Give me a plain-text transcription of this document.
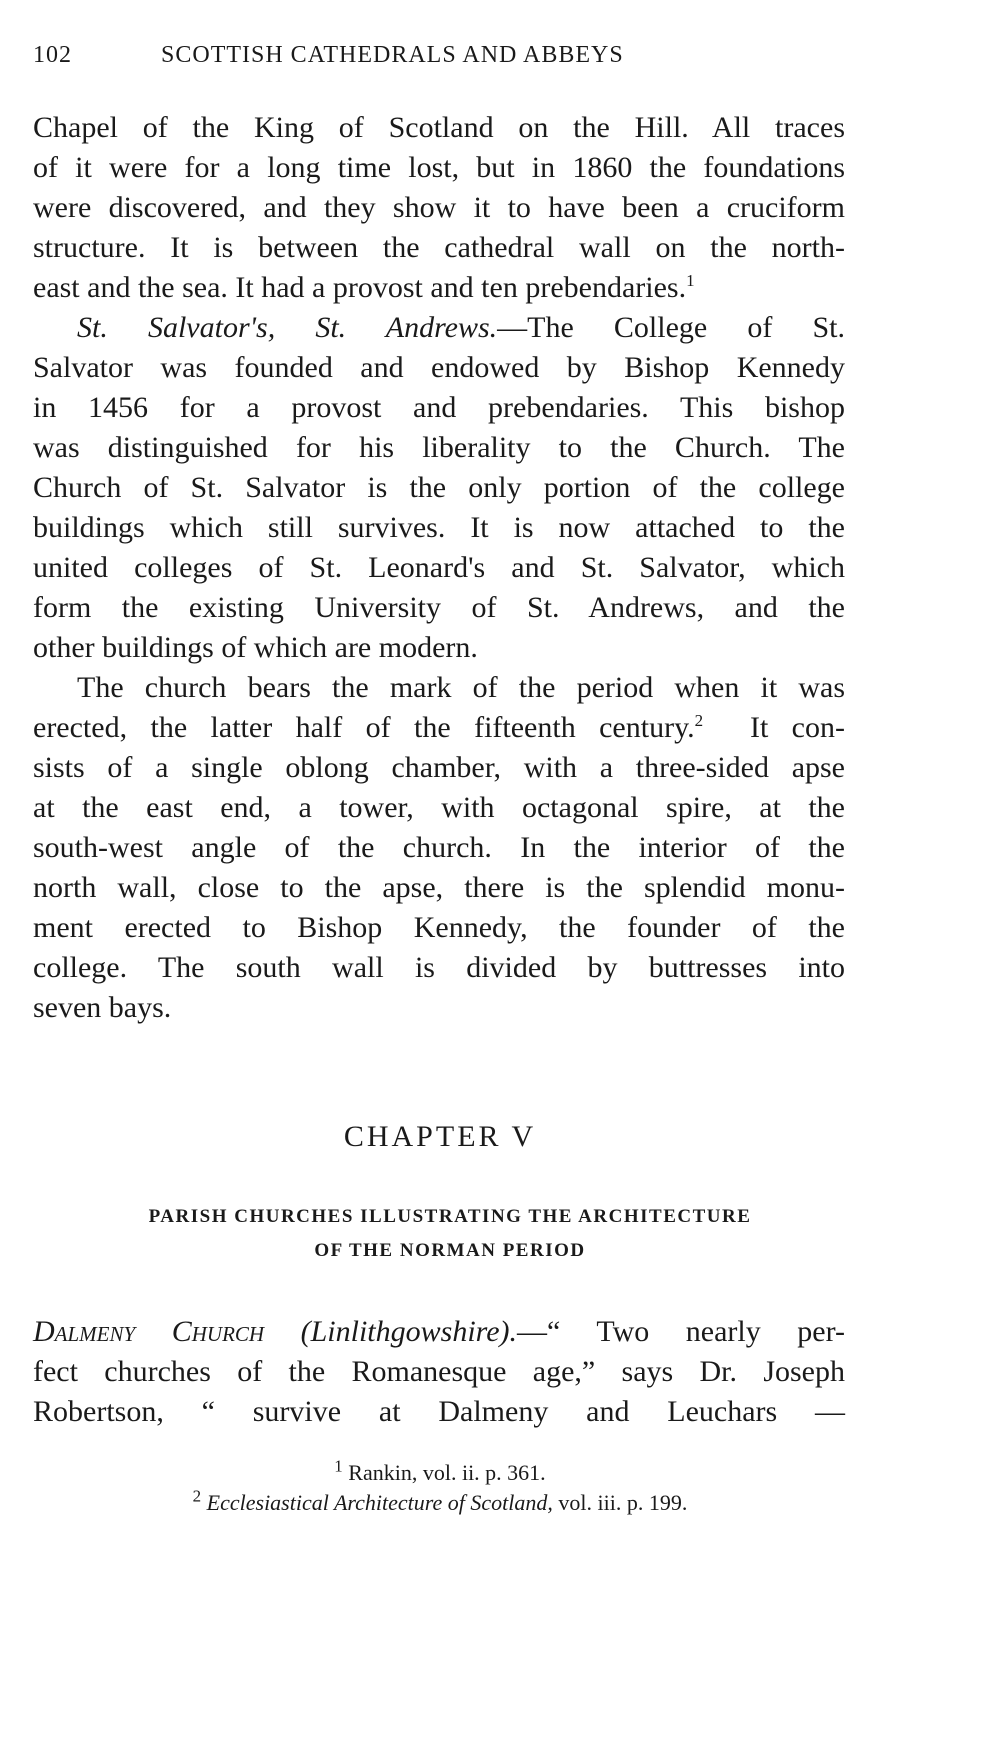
102	SCOTTISH CATHEDRALS AND ABBEYS
Chapel of the King of Scotland on the Hill. All traces
of it were for a long time lost, but in 1860 the foundations
were discovered, and they show it to have been a cruciform
structure. It is between the cathedral wall on the north-
east and the sea. It had a provost and ten prebendaries.$^1$
St. Salvator's, St. Andrews.—The College of St.
Salvator was founded and endowed by Bishop Kennedy
in 1456 for a provost and prebendaries. This bishop
was distinguished for his liberality to the Church. The
Church of St. Salvator is the only portion of the college
buildings which still survives. It is now attached to the
united colleges of St. Leonard's and St. Salvator, which
form the existing University of St. Andrews, and the
other buildings of which are modern.
The church bears the mark of the period when it was
erected, the latter half of the fifteenth century.$^2$ It con-
sists of a single oblong chamber, with a three-sided apse
at the east end, a tower, with octagonal spire, at the
south-west angle of the church. In the interior of the
north wall, close to the apse, there is the splendid monu-
ment erected to Bishop Kennedy, the founder of the
college. The south wall is divided by buttresses into
seven bays.
CHAPTER V
PARISH CHURCHES ILLUSTRATING THE ARCHITECTURE
OF THE NORMAN PERIOD
Dalmeny Church (Linlithgowshire).—“ Two nearly per-
fect churches of the Romanesque age,” says Dr. Joseph
Robertson, “ survive at Dalmeny and Leuchars —
$^1$ Rankin, vol. ii. p. 361.
$^2$ Ecclesiastical Architecture of Scotland, vol. iii. p. 199.
